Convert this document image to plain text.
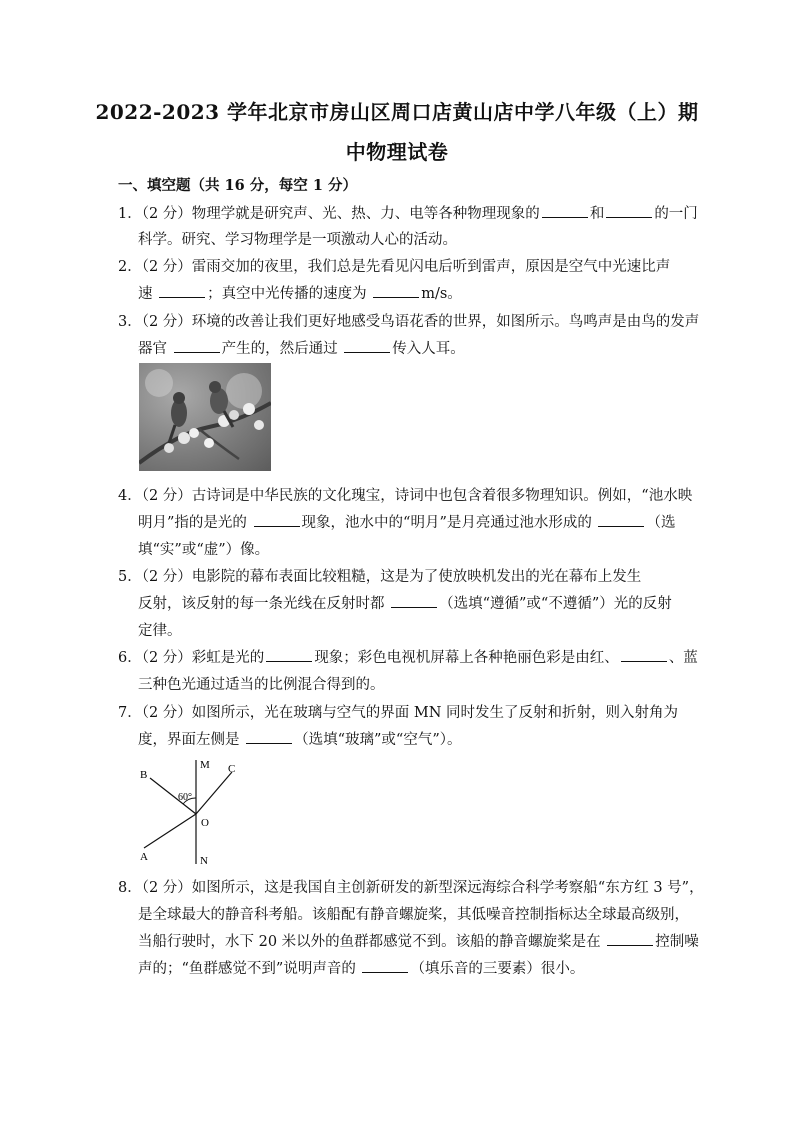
2022-2023 学年北京市房山区周口店黄山店中学八年级（上）期
中物理试卷
一、填空题（共 16 分，每空 1 分）
1．（2 分）物理学就是研究声、光、热、力、电等各种物理现象的	和	的一门
科学。研究、学习物理学是一项激动人心的活动。
2．（2 分）雷雨交加的夜里，我们总是先看见闪电后听到雷声，原因是空气中光速比声
速	；真空中光传播的速度为	m/s。
3．（2 分）环境的改善让我们更好地感受鸟语花香的世界，如图所示。鸟鸣声是由鸟的发声
器官	产生的，然后通过	传入人耳。
4．（2 分）古诗词是中华民族的文化瑰宝，诗词中也包含着很多物理知识。例如，“池水映
明月”指的是光的	现象，池水中的“明月”是月亮通过池水形成的	（选
填“实”或“虚”）像。
5．（2 分）电影院的幕布表面比较粗糙，这是为了使放映机发出的光在幕布上发生
反射，该反射的每一条光线在反射时都	（选填“遵循”或“不遵循”）光的反射
定律。
6．（2 分）彩虹是光的	现象；彩色电视机屏幕上各种艳丽色彩是由红、	、蓝
三种色光通过适当的比例混合得到的。
7．（2 分）如图所示，光在玻璃与空气的界面 MN 同时发生了反射和折射，则入射角为
度，界面左侧是	（选填“玻璃”或“空气”）。
B
M C
O
A	N
60°
8．（2 分）如图所示，这是我国自主创新研发的新型深远海综合科学考察船“东方红 3 号”，
是全球最大的静音科考船。该船配有静音螺旋桨，其低噪音控制指标达全球最高级别，
当船行驶时，水下 20 米以外的鱼群都感觉不到。该船的静音螺旋桨是在	控制噪
声的；“鱼群感觉不到”说明声音的	（填乐音的三要素）很小。
